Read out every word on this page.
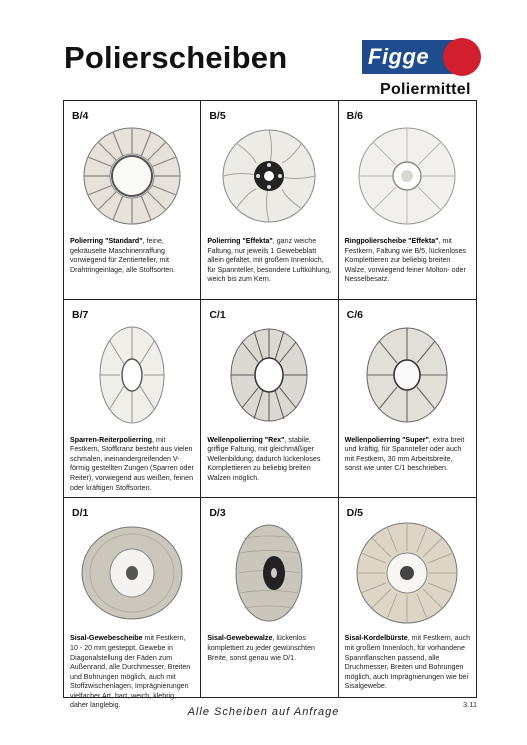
Polierscheiben	Figge
Poliermittel
B/4
Polierring "Standard", feine, gekräuselte Maschinenraffung vorwiegend für Zentierteller, mit Drahtringeinlage, alle Stoffsorten.
B/5
Polierring "Effekta", ganz weiche Faltung, nur jeweils 1 Gewebeblatt allein gefaltet, mit großem Innenloch, für Spannteller, besondere Luftkühlung, weich bis zum Kern.
B/6
Ringpolierscheibe "Effekta", mit Festkern, Faltung wie B/5, lückenloses Komplettieren zur beliebig breiten Walze, vorwiegend feiner Molton- oder Nesselbesatz.
B/7
Sparren-Reiterpolierring, mit Festkern, Stoffkranz besteht aus vielen schmalen, ineinandergreifenden V-förmig gestellten Zungen (Sparren oder Reiter), vorwiegend aus weißen, feinen oder kräftigen Stoffsorten.
C/1
Wellenpolierring "Rex", stabile, griffige Faltung, mit gleichmäßiger Wellenbildung; dadurch lückenloses Komplettieren zu beliebig breiten Walzen möglich.
C/6
Wellenpolierring "Super", extra breit und kräftig, für Spannteller oder auch mit Festkern, 30 mm Arbeitsbreite, sonst wie unter C/1 beschrieben.
D/1
Sisal-Gewebescheibe mit Festkern, 10 - 20 mm gesteppt, Gewebe in Diagonalstellung der Fäden zum Außenrand, alle Durchmesser, Breiten und Bohrungen möglich, auch mit Stoffzwischenlagen, Imprägnierungen vielfacher Art, hart, weich, klebrig, daher langlebig.
D/3
Sisal-Gewebewalze, lückenlos komplettiert zu jeder gewünschten Breite, sonst genau wie D/1.
D/5
Sisal-Kordelbürste, mit Festkern, auch mit großem Innenloch, für vorhandene Spannflanschen passend, alle Druchmesser, Breiten und Bohrungen möglich, auch Imprägnierungen wie bei Sisalgewebe.
Alle Scheiben auf Anfrage
3.11
